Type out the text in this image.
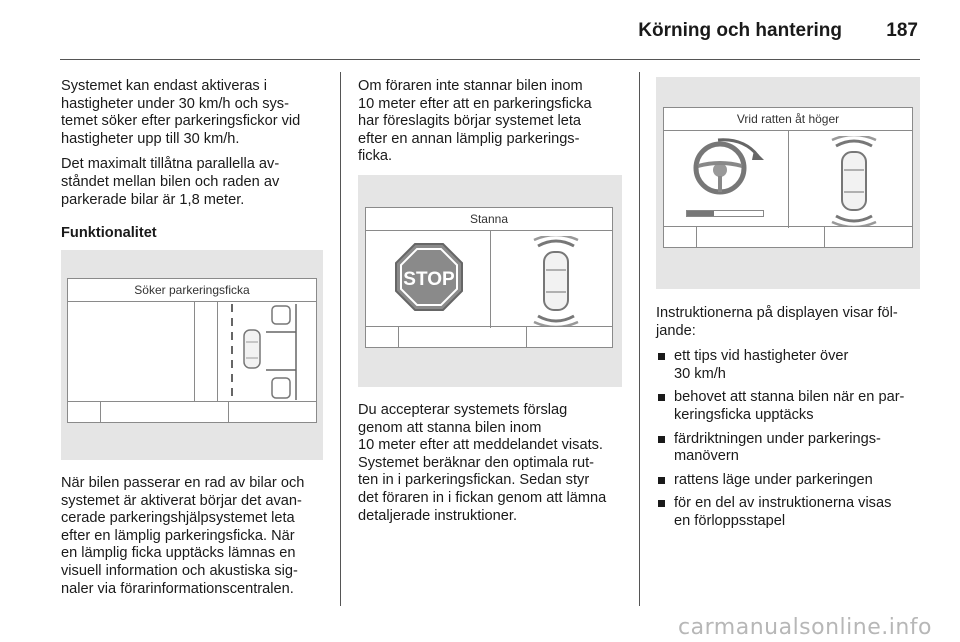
Körning och hantering 187

Systemet kan endast aktiveras i
hastigheter under 30 km/h och sys-
temet söker efter parkeringsfickor vid
hastigheter upp till 30 km/h.

Det maximalt tillåtna parallella av-
ståndet mellan bilen och raden av
parkerade bilar är 1,8 meter.

Funktionalitet
Söker parkeringsficka

När bilen passerar en rad av bilar och
systemet är aktiverat börjar det avan-
cerade parkeringshjälpsystemet leta
efter en lämplig parkeringsficka. När
en lämplig ficka upptäcks lämnas en
visuell information och akustiska sig-
naler via förarinformationscentralen.

Om föraren inte stannar bilen inom
10 meter efter att en parkeringsficka
har föreslagits börjar systemet leta
efter en annan lämplig parkerings-
ficka.

Stanna
STOP

Du accepterar systemets förslag
genom att stanna bilen inom
10 meter efter att meddelandet visats.
Systemet beräknar den optimala rut-
ten in i parkeringsfickan. Sedan styr
det föraren in i fickan genom att lämna
detaljerade instruktioner.

Vrid ratten åt höger

Instruktionerna på displayen visar föl-
jande:

ett tips vid hastigheter över
30 km/h
behovet att stanna bilen när en par-
keringsficka upptäcks
färdriktningen under parkerings-
manövern
rattens läge under parkeringen
för en del av instruktionerna visas
en förloppsstapel
carmanualsonline.info
